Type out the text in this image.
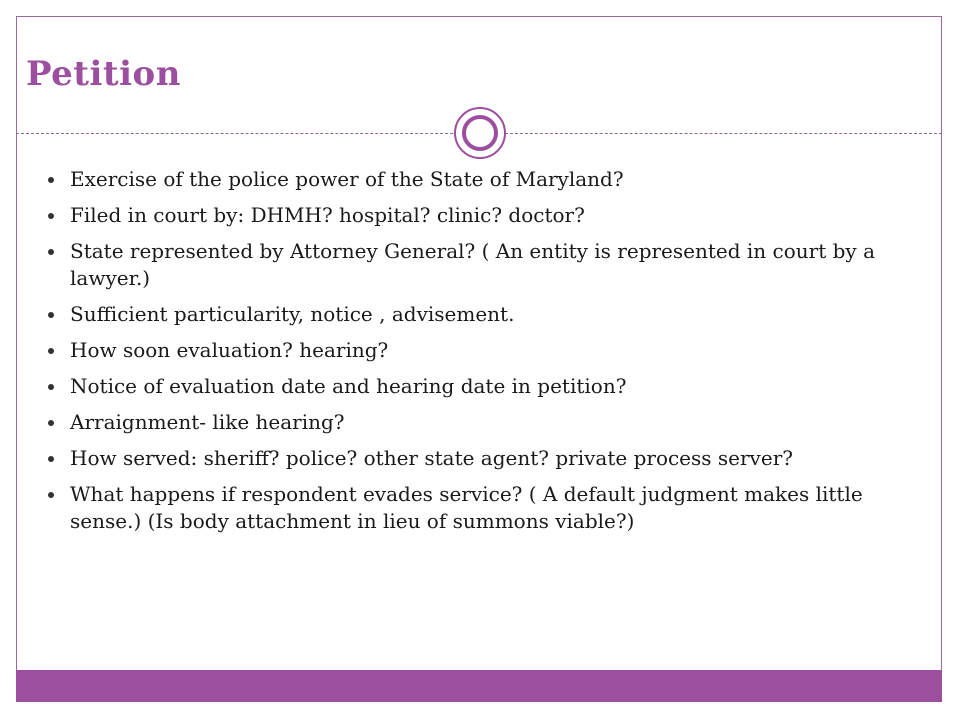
Petition
Exercise of the police power of the State of Maryland?
Filed in court by: DHMH? hospital? clinic? doctor?
State represented by Attorney General? ( An entity is represented in court by a lawyer.)
Sufficient particularity, notice , advisement.
How soon evaluation? hearing?
Notice of evaluation date and hearing date in petition?
Arraignment- like hearing?
How served: sheriff? police? other state agent? private process server?
What happens if respondent evades service? ( A default judgment makes little sense.) (Is body attachment in lieu of summons viable?)
